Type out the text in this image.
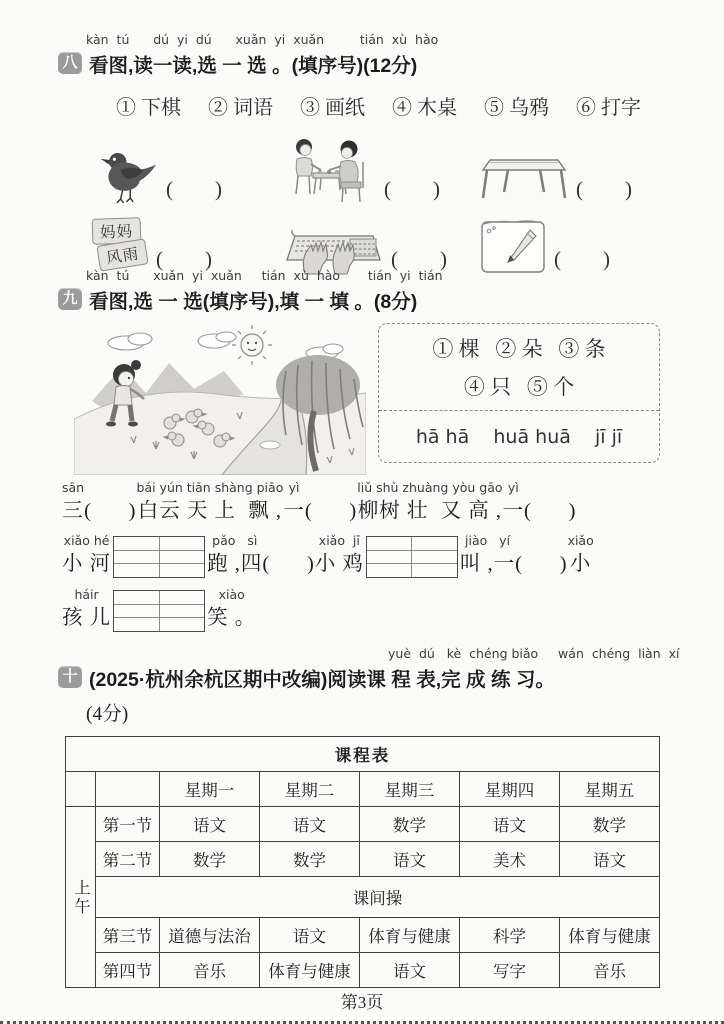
kàn  tú      dú  yi  dú      xuǎn  yi  xuǎn         tián  xù  hào
八 看图,读一读,选 一 选 。(填序号)(12分)
① 下棋 ② 词语 ③ 画纸 ④ 木桌 ⑤ 乌鸦 ⑥ 打字
(        )	(        )	(        )
妈妈
风雨 (        )	(        )	(        )
kàn  tú      xuǎn  yi  xuǎn     tián  xù  hào       tián  yi  tián
九 看图,选 一 选(填序号),填 一 填 。(8分)
① 棵   ② 朵   ③ 条
④ 只   ⑤ 个
hā hā    huā huā    jī jī
sān
三
(      )
bái yún tiān shàng piāo
白云 天 上  飘 ,
yì
一
(      )
liǔ shù zhuàng yòu gāo
柳树 壮  又 高 ,
yì
一
(      )
xiǎo hé
小 河
pǎo   sì
跑 ,四
(      )
xiǎo  jī
小 鸡
jiào   yí
叫 ,一
(      )
xiǎo
小
háir
孩 儿
xiào
笑 。
yuè  dú   kè  chéng biǎo     wán  chéng  liàn  xí
十 (2025·杭州余杭区期中改编)阅读课 程 表,完 成 练 习。
(4分)
课程表						
		星期一	星期二	星期三	星期四	星期五
上午	第一节	语文	语文	数学	语文	数学
	第二节	数学	数学	语文	美术	语文
	课间操					
	第三节	道德与法治	语文	体育与健康	科学	体育与健康
	第四节	音乐	体育与健康	语文	写字	音乐
第3页
